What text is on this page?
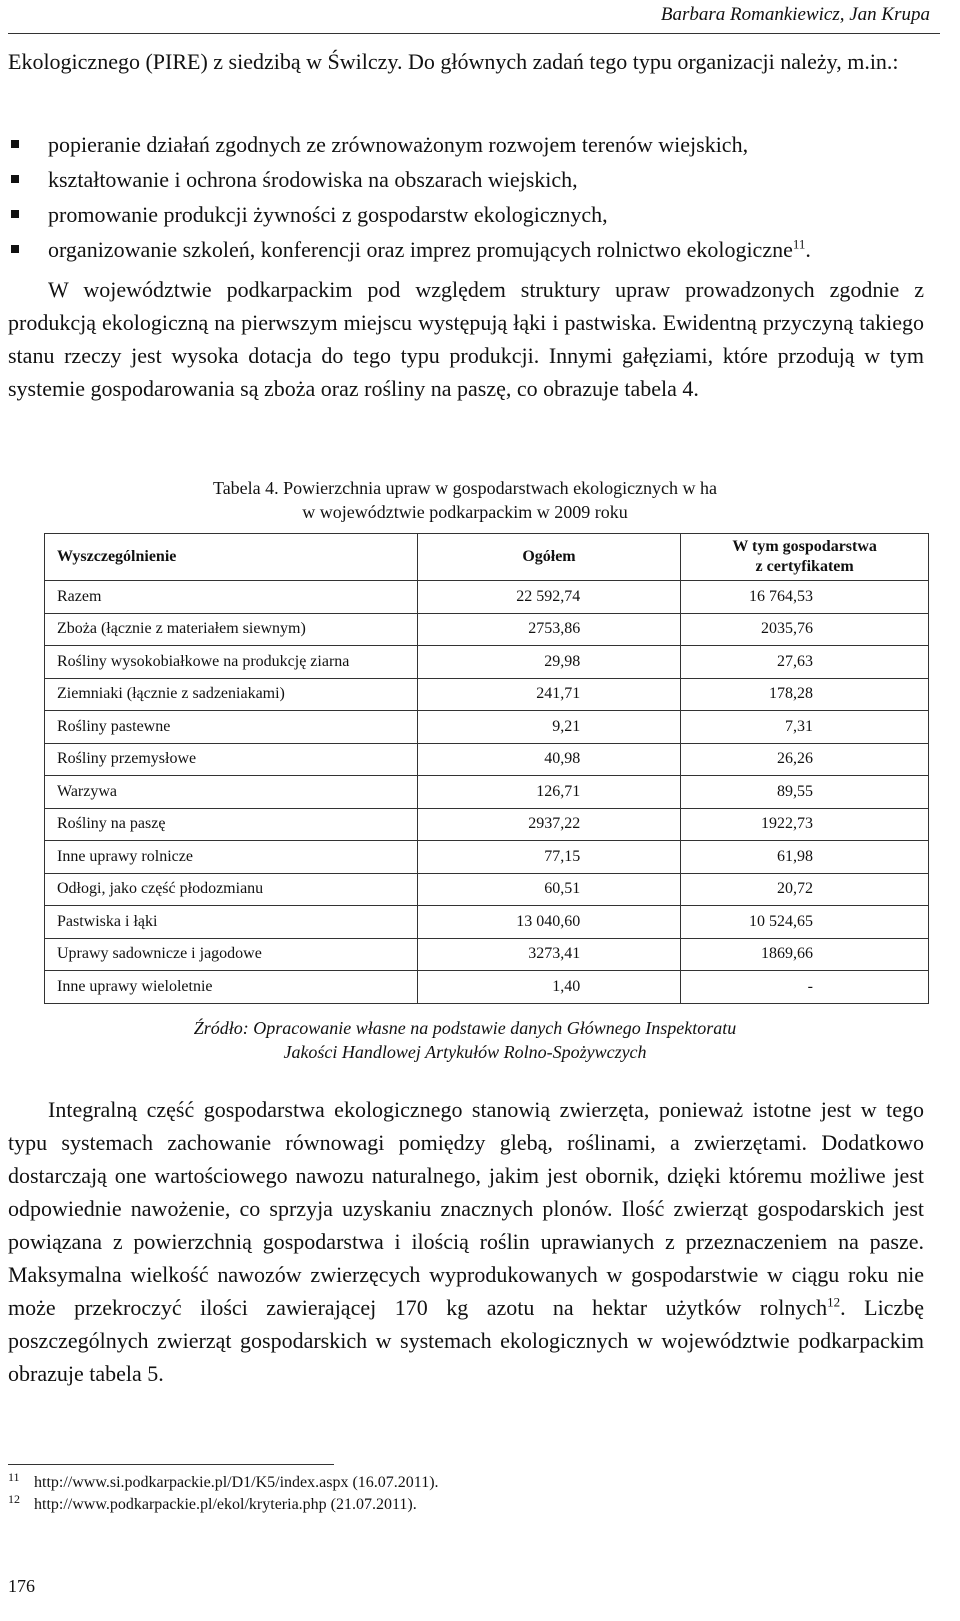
Barbara Romankiewicz, Jan Krupa
Ekologicznego (PIRE) z siedzibą w Świlczy. Do głównych zadań tego typu organizacji należy, m.in.:
popieranie działań zgodnych ze zrównoważonym rozwojem terenów wiejskich,
kształtowanie i ochrona środowiska na obszarach wiejskich,
promowanie produkcji żywności z gospodarstw ekologicznych,
organizowanie szkoleń, konferencji oraz imprez promujących rolnictwo ekologiczne$^{11}$.
W województwie podkarpackim pod względem struktury upraw prowadzonych zgodnie z produkcją ekologiczną na pierwszym miejscu występują łąki i pastwiska. Ewidentną przyczyną takiego stanu rzeczy jest wysoka dotacja do tego typu produkcji. Innymi gałęziami, które przodują w tym systemie gospodarowania są zboża oraz rośliny na paszę, co obrazuje tabela 4.
Tabela 4. Powierzchnia upraw w gospodarstwach ekologicznych w ha
w województwie podkarpackim w 2009 roku
Wyszczególnienie	Ogółem	W tym gospodarstwa
z certyfikatem

Razem	22 592,74	16 764,53
Zboża (łącznie z materiałem siewnym)	2753,86	2035,76
Rośliny wysokobiałkowe na produkcję ziarna	29,98	27,63
Ziemniaki (łącznie z sadzeniakami)	241,71	178,28
Rośliny pastewne	9,21	7,31
Rośliny przemysłowe	40,98	26,26
Warzywa	126,71	89,55
Rośliny na paszę	2937,22	1922,73
Inne uprawy rolnicze	77,15	61,98
Odłogi, jako część płodozmianu	60,51	20,72
Pastwiska i łąki	13 040,60	10 524,65
Uprawy sadownicze i jagodowe	3273,41	1869,66
Inne uprawy wieloletnie	1,40	-
Źródło: Opracowanie własne na podstawie danych Głównego Inspektoratu
Jakości Handlowej Artykułów Rolno-Spożywczych
Integralną część gospodarstwa ekologicznego stanowią zwierzęta, ponieważ istotne jest w tego typu systemach zachowanie równowagi pomiędzy glebą, roślinami, a zwierzętami. Dodatkowo dostarczają one wartościowego nawozu naturalnego, jakim jest obornik, dzięki któremu możliwe jest odpowiednie nawożenie, co sprzyja uzyskaniu znacznych plonów. Ilość zwierząt gospodarskich jest powiązana z powierzchnią gospodarstwa i ilością roślin uprawianych z przeznaczeniem na pasze. Maksymalna wielkość nawozów zwierzęcych wyprodukowanych w gospodarstwie w ciągu roku nie może przekroczyć ilości zawierającej 170 kg azotu na hektar użytków rolnych$^{12}$. Liczbę poszczególnych zwierząt gospodarskich w systemach ekologicznych w województwie podkarpackim obrazuje tabela 5.
11 http://www.si.podkarpackie.pl/D1/K5/index.aspx (16.07.2011).
12 http://www.podkarpackie.pl/ekol/kryteria.php (21.07.2011).
176
